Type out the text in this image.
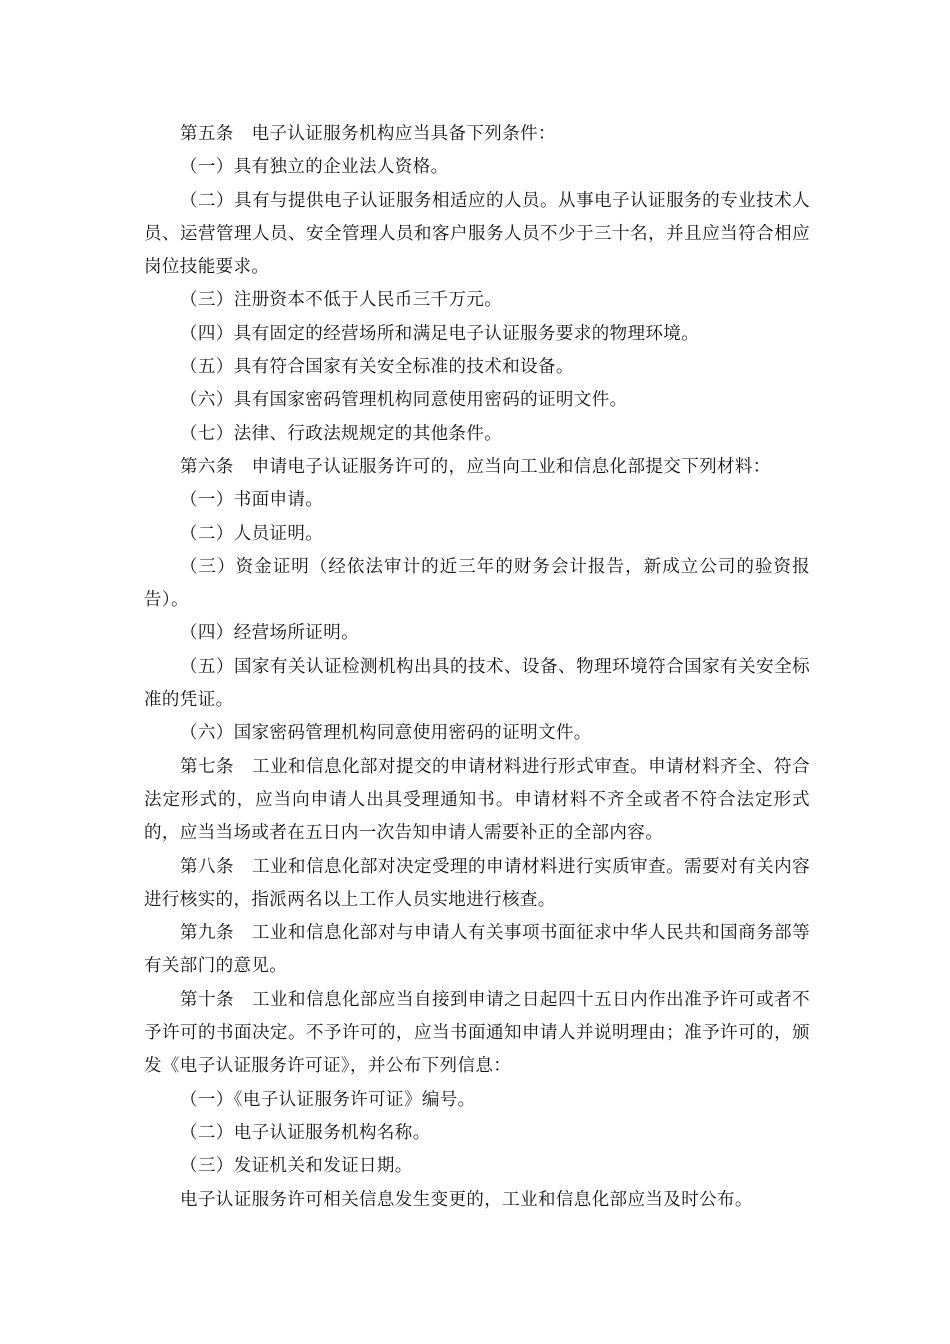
第五条　电子认证服务机构应当具备下列条件：

（一）具有独立的企业法人资格。

（二）具有与提供电子认证服务相适应的人员。从事电子认证服务的专业技术人员、运营管理人员、安全管理人员和客户服务人员不少于三十名，并且应当符合相应岗位技能要求。

（三）注册资本不低于人民币三千万元。

（四）具有固定的经营场所和满足电子认证服务要求的物理环境。

（五）具有符合国家有关安全标准的技术和设备。

（六）具有国家密码管理机构同意使用密码的证明文件。

（七）法律、行政法规规定的其他条件。

第六条　申请电子认证服务许可的，应当向工业和信息化部提交下列材料：

（一）书面申请。

（二）人员证明。

（三）资金证明（经依法审计的近三年的财务会计报告，新成立公司的验资报告）。

（四）经营场所证明。

（五）国家有关认证检测机构出具的技术、设备、物理环境符合国家有关安全标准的凭证。

（六）国家密码管理机构同意使用密码的证明文件。

第七条　工业和信息化部对提交的申请材料进行形式审查。申请材料齐全、符合法定形式的，应当向申请人出具受理通知书。申请材料不齐全或者不符合法定形式的，应当当场或者在五日内一次告知申请人需要补正的全部内容。

第八条　工业和信息化部对决定受理的申请材料进行实质审查。需要对有关内容进行核实的，指派两名以上工作人员实地进行核查。

第九条　工业和信息化部对与申请人有关事项书面征求中华人民共和国商务部等有关部门的意见。

第十条　工业和信息化部应当自接到申请之日起四十五日内作出准予许可或者不予许可的书面决定。不予许可的，应当书面通知申请人并说明理由；准予许可的，颁发《电子认证服务许可证》，并公布下列信息：

（一）《电子认证服务许可证》编号。

（二）电子认证服务机构名称。

（三）发证机关和发证日期。

电子认证服务许可相关信息发生变更的，工业和信息化部应当及时公布。
